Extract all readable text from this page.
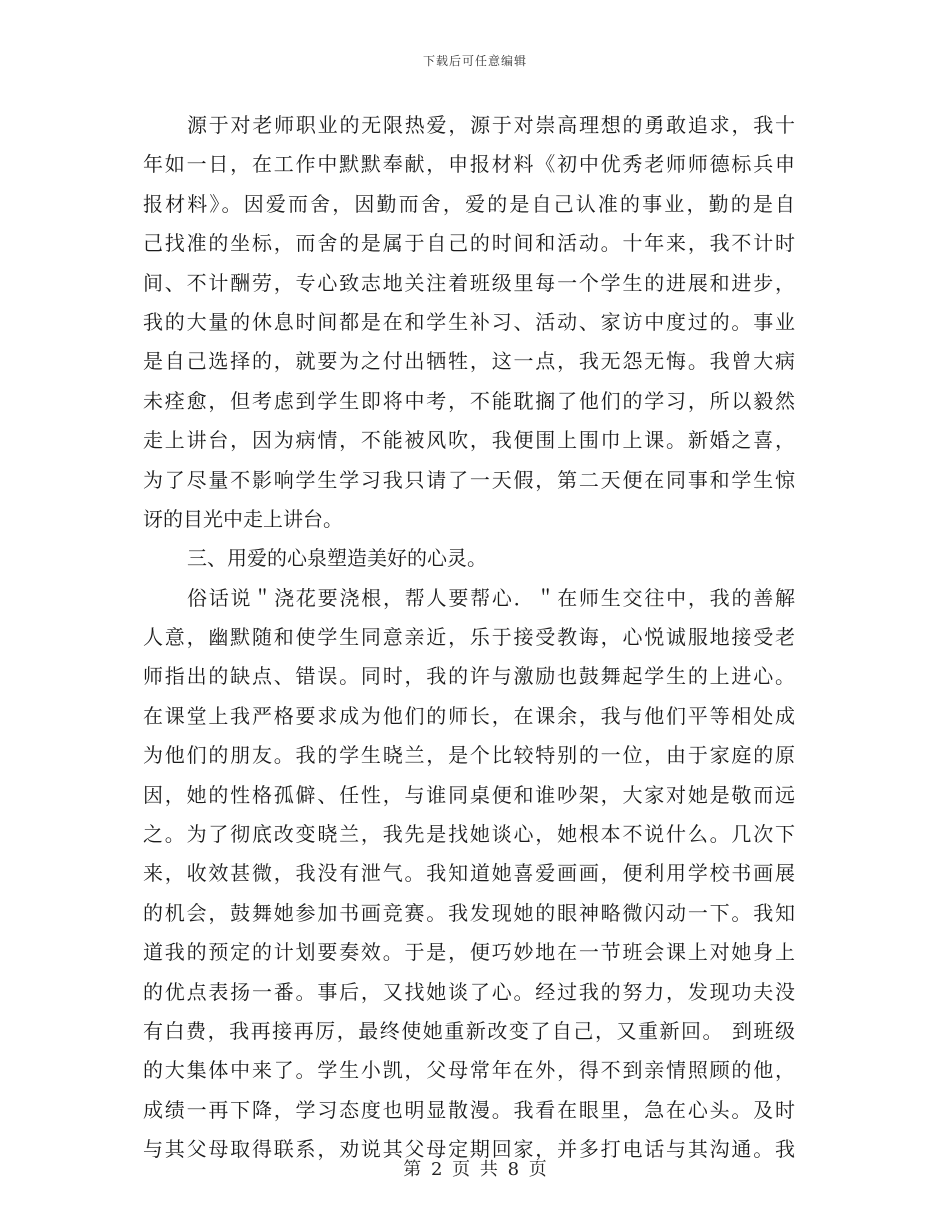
下载后可任意编辑
源于对老师职业的无限热爱，源于对崇高理想的勇敢追求，我十
年如一日，在工作中默默奉献，申报材料《初中优秀老师师德标兵申
报材料》。因爱而舍，因勤而舍，爱的是自己认准的事业，勤的是自
己找准的坐标，而舍的是属于自己的时间和活动。十年来，我不计时
间、不计酬劳，专心致志地关注着班级里每一个学生的进展和进步，
我的大量的休息时间都是在和学生补习、活动、家访中度过的。事业
是自己选择的，就要为之付出牺牲，这一点，我无怨无悔。我曾大病
未痊愈，但考虑到学生即将中考，不能耽搁了他们的学习，所以毅然
走上讲台，因为病情，不能被风吹，我便围上围巾上课。新婚之喜，
为了尽量不影响学生学习我只请了一天假，第二天便在同事和学生惊
讶的目光中走上讲台。
三、用爱的心泉塑造美好的心灵。
俗话说＂浇花要浇根，帮人要帮心．＂在师生交往中，我的善解
人意，幽默随和使学生同意亲近，乐于接受教诲，心悦诚服地接受老
师指出的缺点、错误。同时，我的许与激励也鼓舞起学生的上进心。
在课堂上我严格要求成为他们的师长，在课余，我与他们平等相处成
为他们的朋友。我的学生晓兰，是个比较特别的一位，由于家庭的原
因，她的性格孤僻、任性，与谁同桌便和谁吵架，大家对她是敬而远
之。为了彻底改变晓兰，我先是找她谈心，她根本不说什么。几次下
来，收效甚微，我没有泄气。我知道她喜爱画画，便利用学校书画展
的机会，鼓舞她参加书画竞赛。我发现她的眼神略微闪动一下。我知
道我的预定的计划要奏效。于是，便巧妙地在一节班会课上对她身上
的优点表扬一番。事后，又找她谈了心。经过我的努力，发现功夫没
有白费，我再接再厉，最终使她重新改变了自己，又重新回。 到班级
的大集体中来了。学生小凯，父母常年在外，得不到亲情照顾的他，
成绩一再下降，学习态度也明显散漫。我看在眼里，急在心头。及时
与其父母取得联系，劝说其父母定期回家，并多打电话与其沟通。我
第 2 页 共 8 页
